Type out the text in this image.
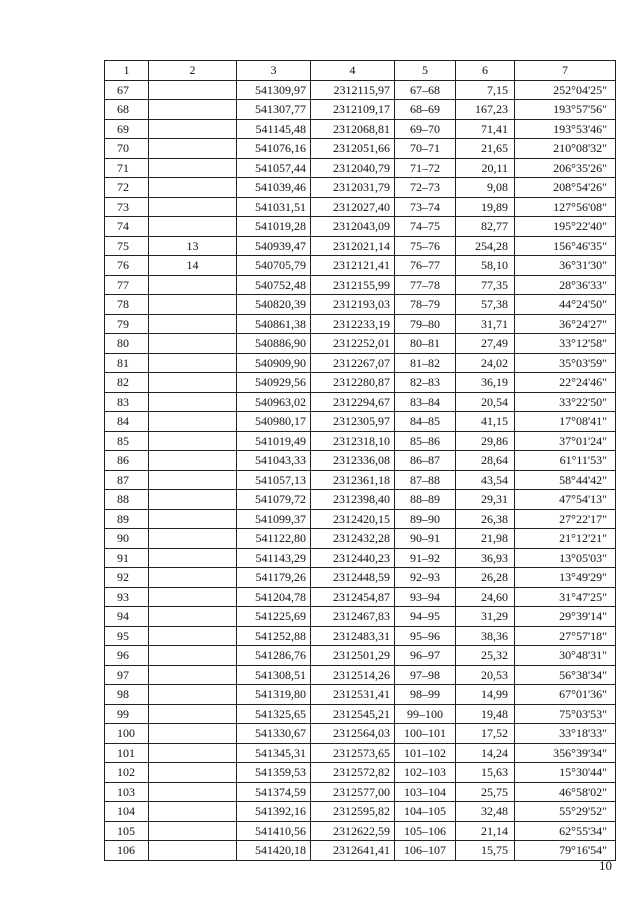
1	2	3	4	5	6	7
67		541309,97	2312115,97	67–68	7,15	252°04'25"
68		541307,77	2312109,17	68–69	167,23	193°57'56"
69		541145,48	2312068,81	69–70	71,41	193°53'46"
70		541076,16	2312051,66	70–71	21,65	210°08'32"
71		541057,44	2312040,79	71–72	20,11	206°35'26"
72		541039,46	2312031,79	72–73	9,08	208°54'26"
73		541031,51	2312027,40	73–74	19,89	127°56'08"
74		541019,28	2312043,09	74–75	82,77	195°22'40"
75	13	540939,47	2312021,14	75–76	254,28	156°46'35"
76	14	540705,79	2312121,41	76–77	58,10	36°31'30"
77		540752,48	2312155,99	77–78	77,35	28°36'33"
78		540820,39	2312193,03	78–79	57,38	44°24'50"
79		540861,38	2312233,19	79–80	31,71	36°24'27"
80		540886,90	2312252,01	80–81	27,49	33°12'58"
81		540909,90	2312267,07	81–82	24,02	35°03'59"
82		540929,56	2312280,87	82–83	36,19	22°24'46"
83		540963,02	2312294,67	83–84	20,54	33°22'50"
84		540980,17	2312305,97	84–85	41,15	17°08'41"
85		541019,49	2312318,10	85–86	29,86	37°01'24"
86		541043,33	2312336,08	86–87	28,64	61°11'53"
87		541057,13	2312361,18	87–88	43,54	58°44'42"
88		541079,72	2312398,40	88–89	29,31	47°54'13"
89		541099,37	2312420,15	89–90	26,38	27°22'17"
90		541122,80	2312432,28	90–91	21,98	21°12'21"
91		541143,29	2312440,23	91–92	36,93	13°05'03"
92		541179,26	2312448,59	92–93	26,28	13°49'29"
93		541204,78	2312454,87	93–94	24,60	31°47'25"
94		541225,69	2312467,83	94–95	31,29	29°39'14"
95		541252,88	2312483,31	95–96	38,36	27°57'18"
96		541286,76	2312501,29	96–97	25,32	30°48'31"
97		541308,51	2312514,26	97–98	20,53	56°38'34"
98		541319,80	2312531,41	98–99	14,99	67°01'36"
99		541325,65	2312545,21	99–100	19,48	75°03'53"
100		541330,67	2312564,03	100–101	17,52	33°18'33"
101		541345,31	2312573,65	101–102	14,24	356°39'34"
102		541359,53	2312572,82	102–103	15,63	15°30'44"
103		541374,59	2312577,00	103–104	25,75	46°58'02"
104		541392,16	2312595,82	104–105	32,48	55°29'52"
105		541410,56	2312622,59	105–106	21,14	62°55'34"
106		541420,18	2312641,41	106–107	15,75	79°16'54"
10
